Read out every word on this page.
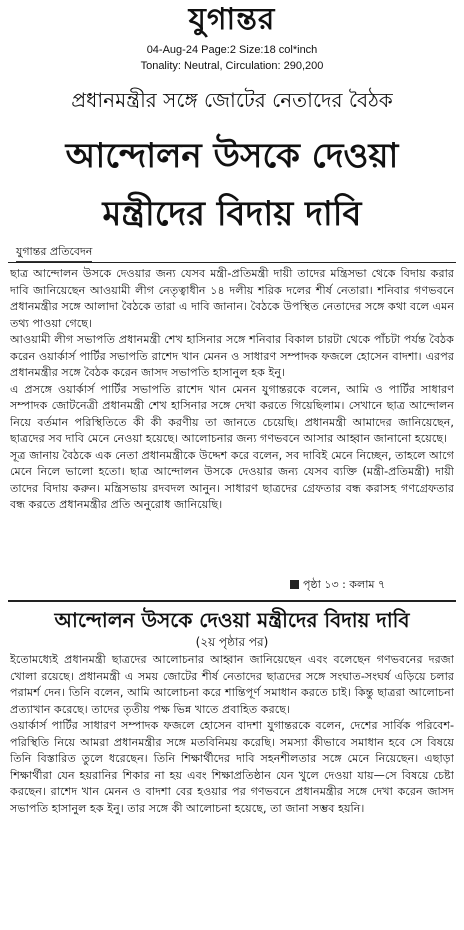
যুগান্তর
04-Aug-24 Page:2 Size:18 col*inch
Tonality: Neutral, Circulation: 290,200
প্রধানমন্ত্রীর সঙ্গে জোটের নেতাদের বৈঠক
আন্দোলন উসকে দেওয়া
মন্ত্রীদের বিদায় দাবি
যুগান্তর প্রতিবেদন

ছাত্র আন্দোলন উসকে দেওয়ার জন্য যেসব মন্ত্রী-প্রতিমন্ত্রী দায়ী তাদের মন্ত্রিসভা থেকে বিদায় করার দাবি জানিয়েছেন আওয়ামী লীগ নেতৃত্বাধীন ১৪ দলীয় শরিক দলের শীর্ষ নেতারা। শনিবার গণভবনে প্রধানমন্ত্রীর সঙ্গে আলাদা বৈঠকে তারা এ দাবি জানান। বৈঠকে উপস্থিত নেতাদের সঙ্গে কথা বলে এমন তথ্য পাওয়া গেছে।

আওয়ামী লীগ সভাপতি প্রধানমন্ত্রী শেখ হাসিনার সঙ্গে শনিবার বিকাল চারটা থেকে পাঁচটা পর্যন্ত বৈঠক করেন ওয়ার্কার্স পার্টির সভাপতি রাশেদ খান মেনন ও সাধারণ সম্পাদক ফজলে হোসেন বাদশা। এরপর প্রধানমন্ত্রীর সঙ্গে বৈঠক করেন জাসদ সভাপতি হাসানুল হক ইনু।

এ প্রসঙ্গে ওয়ার্কার্স পার্টির সভাপতি রাশেদ খান মেনন যুগান্তরকে বলেন, আমি ও পার্টির সাধারণ সম্পাদক জোটনেত্রী প্রধানমন্ত্রী শেখ হাসিনার সঙ্গে দেখা করতে গিয়েছিলাম। সেখানে ছাত্র আন্দোলন নিয়ে বর্তমান পরিস্থিতিতে কী কী করণীয় তা জানতে চেয়েছি। প্রধানমন্ত্রী আমাদের জানিয়েছেন, ছাত্রদের সব দাবি মেনে নেওয়া হয়েছে। আলোচনার জন্য গণভবনে আসার আহ্বান জানানো হয়েছে।

সূত্র জানায় বৈঠকে এক নেতা প্রধানমন্ত্রীকে উদ্দেশ করে বলেন, সব দাবিই মেনে নিচ্ছেন, তাহলে আগে মেনে নিলে ভালো হতো। ছাত্র আন্দোলন উসকে দেওয়ার জন্য যেসব ব্যক্তি (মন্ত্রী-প্রতিমন্ত্রী) দায়ী তাদের বিদায় করুন। মন্ত্রিসভায় রদবদল আনুন। সাধারণ ছাত্রদের গ্রেফতার বন্ধ করাসহ গণগ্রেফতার বন্ধ করতে প্রধানমন্ত্রীর প্রতি অনুরোধ জানিয়েছি।

পৃষ্ঠা ১৩ : কলাম ৭
আন্দোলন উসকে দেওয়া মন্ত্রীদের বিদায় দাবি
(২য় পৃষ্ঠার পর)

ইতোমধ্যেই প্রধানমন্ত্রী ছাত্রদের আলোচনার আহ্বান জানিয়েছেন এবং বলেছেন গণভবনের দরজা খোলা রয়েছে। প্রধানমন্ত্রী এ সময় জোটের শীর্ষ নেতাদের ছাত্রদের সঙ্গে সংঘাত-সংঘর্ষ এড়িয়ে চলার পরামর্শ দেন। তিনি বলেন, আমি আলোচনা করে শান্তিপূর্ণ সমাধান করতে চাই। কিন্তু ছাত্ররা আলোচনা প্রত্যাখান করেছে। তাদের তৃতীয় পক্ষ ভিন্ন খাতে প্রবাহিত করছে।

ওয়ার্কার্স পার্টির সাধারণ সম্পাদক ফজলে হোসেন বাদশা যুগান্তরকে বলেন, দেশের সার্বিক পরিবেশ-পরিস্থিতি নিয়ে আমরা প্রধানমন্ত্রীর সঙ্গে মতবিনিময় করেছি। সমস্যা কীভাবে সমাধান হবে সে বিষয়ে তিনি বিস্তারিত তুলে ধরেছেন। তিনি শিক্ষার্থীদের দাবি সহনশীলতার সঙ্গে মেনে নিয়েছেন। এছাড়া শিক্ষার্থীরা যেন হয়রানির শিকার না হয় এবং শিক্ষাপ্রতিষ্ঠান যেন খুলে দেওয়া যায়—সে বিষয়ে চেষ্টা করছেন। রাশেদ খান মেনন ও বাদশা বের হওয়ার পর গণভবনে প্রধানমন্ত্রীর সঙ্গে দেখা করেন জাসদ সভাপতি হাসানুল হক ইনু। তার সঙ্গে কী আলোচনা হয়েছে, তা জানা সম্ভব হয়নি।
